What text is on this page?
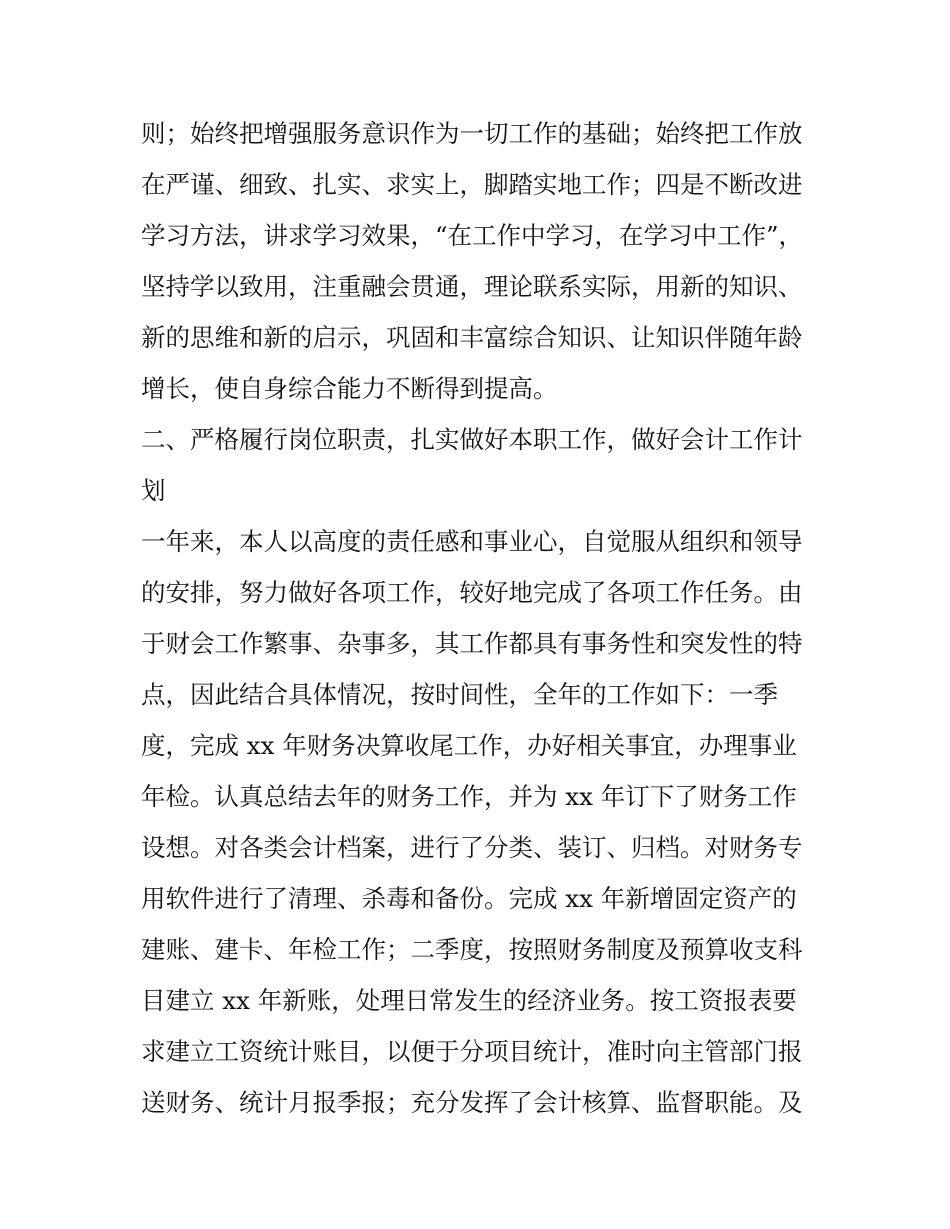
则；始终把增强服务意识作为一切工作的基础；始终把工作放
在严谨、细致、扎实、求实上，脚踏实地工作；四是不断改进
学习方法，讲求学习效果，“在工作中学习，在学习中工作”，
坚持学以致用，注重融会贯通，理论联系实际，用新的知识、
新的思维和新的启示，巩固和丰富综合知识、让知识伴随年龄
增长，使自身综合能力不断得到提高。
二、严格履行岗位职责，扎实做好本职工作，做好会计工作计
划
一年来，本人以高度的责任感和事业心，自觉服从组织和领导
的安排，努力做好各项工作，较好地完成了各项工作任务。由
于财会工作繁事、杂事多，其工作都具有事务性和突发性的特
点，因此结合具体情况，按时间性，全年的工作如下：一季
度，完成 xx 年财务决算收尾工作，办好相关事宜，办理事业
年检。认真总结去年的财务工作，并为 xx 年订下了财务工作
设想。对各类会计档案，进行了分类、装订、归档。对财务专
用软件进行了清理、杀毒和备份。完成 xx 年新增固定资产的
建账、建卡、年检工作；二季度，按照财务制度及预算收支科
目建立 xx 年新账，处理日常发生的经济业务。按工资报表要
求建立工资统计账目，以便于分项目统计，准时向主管部门报
送财务、统计月报季报；充分发挥了会计核算、监督职能。及
